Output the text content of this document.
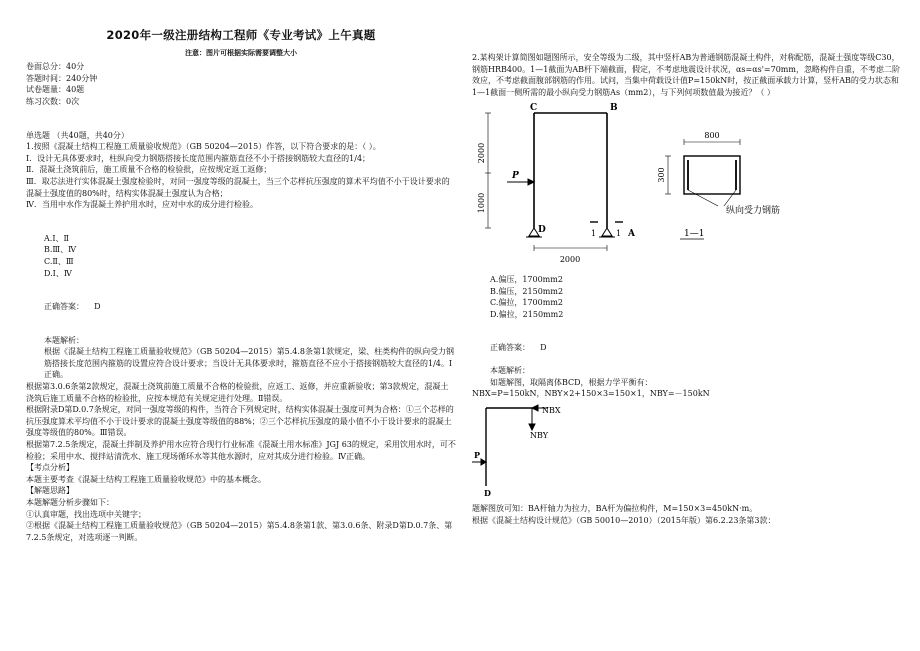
2020年一级注册结构工程师《专业考试》上午真题
注意：图片可根据实际需要调整大小

卷面总分：40分

答题时间：240分钟

试卷题量：40题

练习次数：0次

单选题 （共40题，共40分）

1.按照《混凝土结构工程施工质量验收规范》（GB 50204—2015）作答，以下符合要求的是：（ ）。

Ⅰ．设计无具体要求时，柱纵向受力钢筋搭接长度范围内箍筋直径不小于搭接钢筋较大直径的1/4；

Ⅱ．混凝土浇筑前后，施工质量不合格的检验批，应按规定返工返修；

Ⅲ．取芯法进行实体混凝土强度检验时，对同一强度等级的混凝土，当三个芯样抗压强度的算术平均值不小于设计要求的混凝土强度值的80%时，结构实体混凝土强度认为合格；

Ⅳ．当用中水作为混凝土养护用水时，应对中水的成分进行检验。

A.Ⅰ、Ⅱ

B.Ⅲ、Ⅳ

C.Ⅱ、Ⅲ

D.Ⅰ、Ⅳ

正确答案： D

本题解析：

根据《混凝土结构工程施工质量验收规范》（GB 50204—2015）第5.4.8条第1款规定，梁、柱类构件的纵向受力钢筋搭接长度范围内箍筋的设置应符合设计要求；当设计无具体要求时，箍筋直径不应小于搭接钢筋较大直径的1/4。Ⅰ正确。

根据第3.0.6条第2款规定，混凝土浇筑前施工质量不合格的检验批，应返工、返修，并应重新验收；第3款规定，混凝土浇筑后施工质量不合格的检验批，应按本规范有关规定进行处理。Ⅱ错误。

根据附录D第D.0.7条规定，对同一强度等级的构件，当符合下列规定时，结构实体混凝土强度可判为合格：①三个芯样的抗压强度算术平均值不小于设计要求的混凝土强度等级值的88%；②三个芯样抗压强度的最小值不小于设计要求的混凝土强度等级值的80%。Ⅲ错误。

根据第7.2.5条规定，混凝土拌制及养护用水应符合现行行业标准《混凝土用水标准》JGJ 63的规定，采用饮用水时，可不检验；采用中水、搅拌站清洗水、施工现场循环水等其他水源时，应对其成分进行检验。Ⅳ正确。

【考点分析】

本题主要考查《混凝土结构工程施工质量验收规范》中的基本概念。

【解题思路】

本题解题分析步骤如下：

①认真审题，找出选项中关键字；

②根据《混凝土结构工程施工质量验收规范》（GB 50204—2015）第5.4.8条第1款、第3.0.6条、附录D第D.0.7条、第7.2.5条规定，对选项逐一判断。

2.某构架计算简图如题图所示，安全等级为二级，其中竖杆AB为普通钢筋混凝土构件，对称配筋，混凝土强度等级C30，钢筋HRB400。1—1截面为AB杆下端截面，假定，不考虑地震设计状况，αs=αs'=70mm，忽略构件自重，不考虑二阶效应，不考虑截面腹部钢筋的作用。试问，当集中荷载设计值P=150kN时，按正截面承载力计算，竖杆AB的受力状态和1—1截面一侧所需的最小纵向受力钢筋As（mm2），与下列何项数值最为接近？（ ）

C	B
P
D	A
1 1
2000
1000
2000
800
300
纵向受力钢筋
1—1

A.偏压，1700mm2

B.偏压，2150mm2

C.偏拉，1700mm2

D.偏拉，2150mm2

正确答案： D

本题解析：

如题解图，取隔离体BCD，根据力学平衡有：

NBX=P=150kN，NBY×2+150×3=150×1，NBY=－150kN

NBX
NBY
P
D

题解图放可知：BA杆轴力为拉力，BA杆为偏拉构件，M=150×3=450kN·m。

根据《混凝土结构设计规范》（GB 50010—2010）（2015年版）第6.2.23条第3款：
